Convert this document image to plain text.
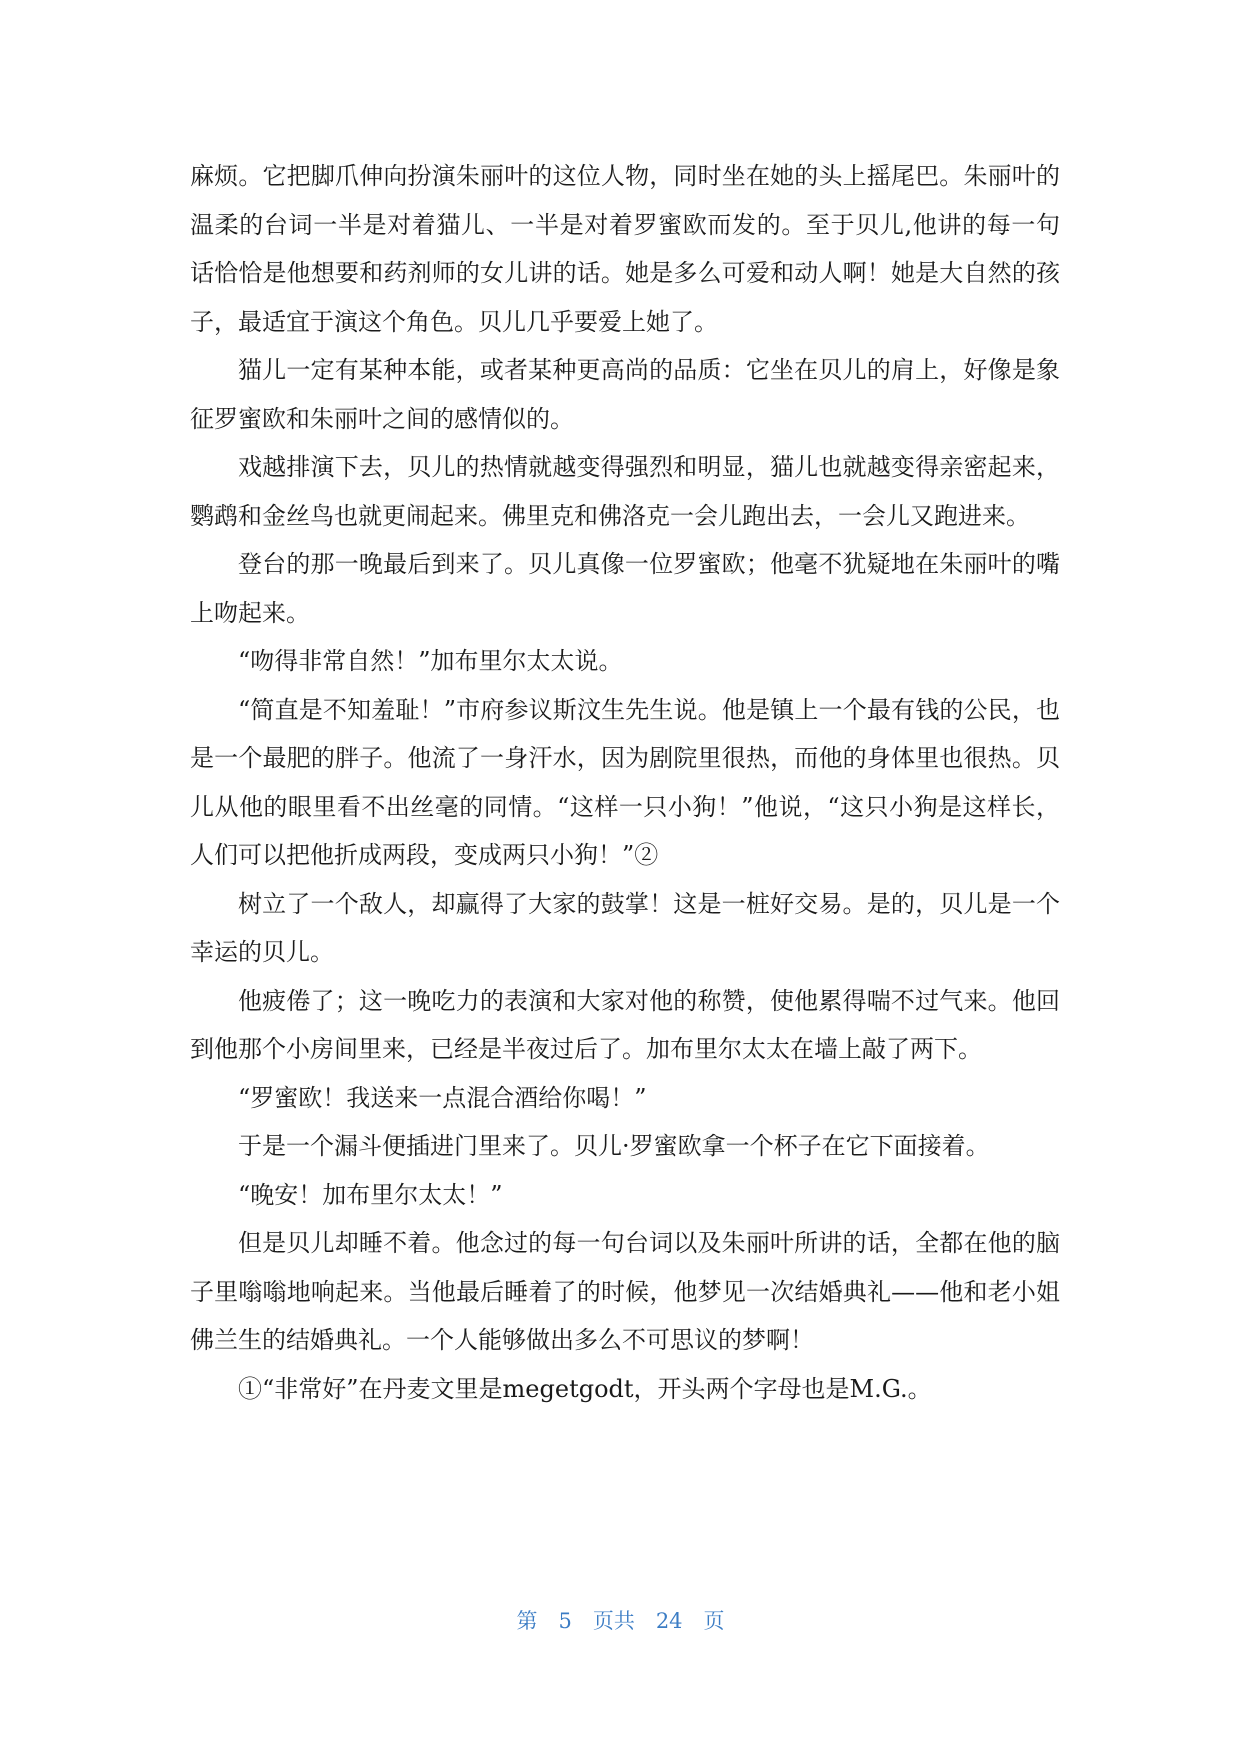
麻烦。它把脚爪伸向扮演朱丽叶的这位人物，同时坐在她的头上摇尾巴。朱丽叶的温柔的台词一半是对着猫儿、一半是对着罗蜜欧而发的。至于贝儿,他讲的每一句话恰恰是他想要和药剂师的女儿讲的话。她是多么可爱和动人啊！她是大自然的孩子，最适宜于演这个角色。贝儿几乎要爱上她了。

猫儿一定有某种本能，或者某种更高尚的品质：它坐在贝儿的肩上，好像是象征罗蜜欧和朱丽叶之间的感情似的。

戏越排演下去，贝儿的热情就越变得强烈和明显，猫儿也就越变得亲密起来，鹦鹉和金丝鸟也就更闹起来。佛里克和佛洛克一会儿跑出去，一会儿又跑进来。

登台的那一晚最后到来了。贝儿真像一位罗蜜欧；他毫不犹疑地在朱丽叶的嘴上吻起来。

“吻得非常自然！”加布里尔太太说。

“简直是不知羞耻！”市府参议斯汶生先生说。他是镇上一个最有钱的公民，也是一个最肥的胖子。他流了一身汗水，因为剧院里很热，而他的身体里也很热。贝儿从他的眼里看不出丝毫的同情。“这样一只小狗！”他说，“这只小狗是这样长，人们可以把他折成两段，变成两只小狗！”②

树立了一个敌人，却赢得了大家的鼓掌！这是一桩好交易。是的，贝儿是一个幸运的贝儿。

他疲倦了；这一晚吃力的表演和大家对他的称赞，使他累得喘不过气来。他回到他那个小房间里来，已经是半夜过后了。加布里尔太太在墙上敲了两下。

“罗蜜欧！我送来一点混合酒给你喝！”

于是一个漏斗便插进门里来了。贝儿·罗蜜欧拿一个杯子在它下面接着。

“晚安！加布里尔太太！”

但是贝儿却睡不着。他念过的每一句台词以及朱丽叶所讲的话，全都在他的脑子里嗡嗡地响起来。当他最后睡着了的时候，他梦见一次结婚典礼——他和老小姐佛兰生的结婚典礼。一个人能够做出多么不可思议的梦啊！

①“非常好”在丹麦文里是megetgodt，开头两个字母也是M.G.。

第　5　页共　24　页
